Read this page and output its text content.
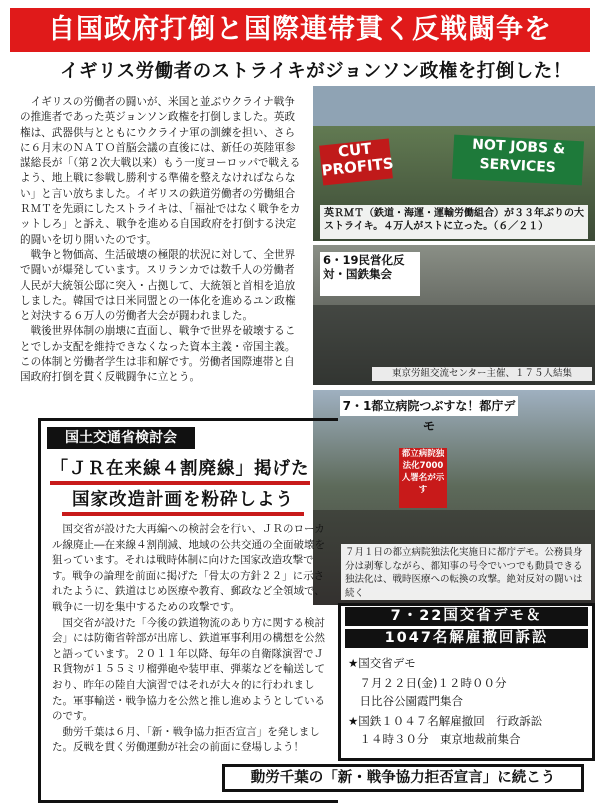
自国政府打倒と国際連帯貫く反戦闘争を
イギリス労働者のストライキがジョンソン政権を打倒した！

イギリスの労働者の闘いが、米国と並ぶウクライナ戦争の推進者であった英ジョンソン政権を打倒しました。英政権は、武器供与とともにウクライナ軍の訓練を担い、さらに６月末のＮＡＴＯ首脳会議の直後には、新任の英陸軍参謀総長が「（第２次大戦以来）もう一度ヨーロッパで戦えるよう、地上戦に参戦し勝利する準備を整えなければならない」と言い放ちました。イギリスの鉄道労働者の労働組合ＲＭＴを先頭にしたストライキは、「福祉ではなく戦争をカットしろ」と訴え、戦争を進める自国政府を打倒する決定的闘いを切り開いたのです。

戦争と物価高、生活破壊の極限的状況に対して、全世界で闘いが爆発しています。スリランカでは数千人の労働者人民が大統領公邸に突入・占拠して、大統領と首相を追放しました。韓国では日米同盟との一体化を進めるユン政権と対決する６万人の労働者大会が闘われました。

戦後世界体制の崩壊に直面し、戦争で世界を破壊することでしか支配を維持できなくなった資本主義・帝国主義。この体制と労働者学生は非和解です。労働者国際連帯と自国政府打倒を貫く反戦闘争に立とう。

CUT PROFITS
NOT JOBS & SERVICES
英ＲＭＴ（鉄道・海運・運輸労働組合）が３３年ぶりの大ストライキ。４万人がストに立った。（６／２１）
6・19民営化反対・国鉄集会
東京労組交流センター主催、１７５人結集
都立病院独法化7000人署名が示す
7・1都立病院つぶすな！都庁デモ
７月１日の都立病院独法化実施日に都庁デモ。公務員身分は剥奪しながら、都知事の号令でいつでも動員できる独法化は、戦時医療への転換の攻撃。絶対反対の闘いは続く
国土交通省検討会
「ＪＲ在来線４割廃線」掲げた
国家改造計画を粉砕しよう

国交省が設けた大再編への検討会を行い、ＪＲのローカル線廃止―在来線４割削減、地域の公共交通の全面破壊を狙っています。それは戦時体制に向けた国家改造攻撃です。戦争の論理を前面に掲げた「骨太の方針２２」に示されたように、鉄道はじめ医療や教育、郵政など全領域で、戦争に一切を集中するための攻撃です。

国交省が設けた「今後の鉄道物流のあり方に関する検討会」には防衛省幹部が出席し、鉄道軍事利用の構想を公然と語っています。２０１１年以降、毎年の自衛隊演習でＪＲ貨物が１５５ミリ榴弾砲や装甲車、弾薬などを輸送しており、昨年の陸自大演習ではそれが大々的に行われました。軍事輸送・戦争協力を公然と推し進めようとしているのです。

動労千葉は６月、「新・戦争協力拒否宣言」を発しました。反戦を貫く労働運動が社会の前面に登場しよう！

7・22国交省デモ＆
1047名解雇撤回訴訟
★国交省デモ
　７月２２日(金)１２時００分
　日比谷公園霞門集合
★国鉄１０４７名解雇撤回　行政訴訟
　１４時３０分　東京地裁前集合
動労千葉の「新・戦争協力拒否宣言」に続こう
